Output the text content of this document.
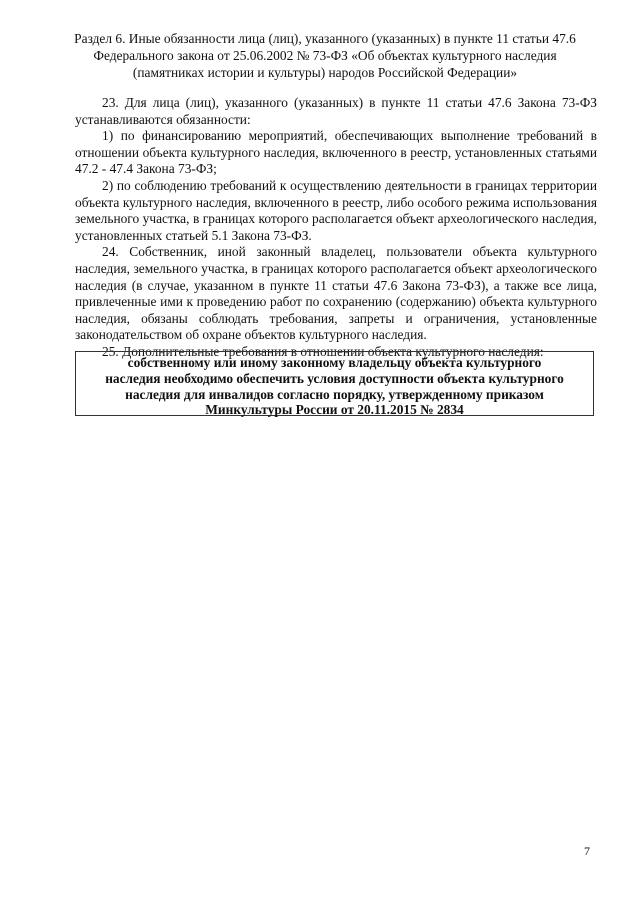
Раздел 6. Иные обязанности лица (лиц), указанного (указанных) в пункте 11 статьи 47.6
Федерального закона от 25.06.2002 № 73-ФЗ «Об объектах культурного наследия
(памятниках истории и культуры) народов Российской Федерации»

23. Для лица (лиц), указанного (указанных) в пункте 11 статьи 47.6 Закона 73-ФЗ устанавливаются обязанности:

1) по финансированию мероприятий, обеспечивающих выполнение требований в отношении объекта культурного наследия, включенного в реестр, установленных статьями 47.2 - 47.4 Закона 73-ФЗ;

2) по соблюдению требований к осуществлению деятельности в границах территории объекта культурного наследия, включенного в реестр, либо особого режима использования земельного участка, в границах которого располагается объект археологического наследия, установленных статьей 5.1 Закона 73-ФЗ.

24. Собственник, иной законный владелец, пользователи объекта культурного наследия, земельного участка, в границах которого располагается объект археологического наследия (в случае, указанном в пункте 11 статьи 47.6 Закона 73-ФЗ), а также все лица, привлеченные ими к проведению работ по сохранению (содержанию) объекта культурного наследия, обязаны соблюдать требования, запреты и ограничения, установленные законодательством об охране объектов культурного наследия.

25. Дополнительные требования в отношении объекта культурного наследия:

собственному или иному законному владельцу объекта культурного
наследия необходимо обеспечить условия доступности объекта культурного
наследия для инвалидов согласно порядку, утвержденному приказом
Минкультуры России от 20.11.2015 № 2834
7
